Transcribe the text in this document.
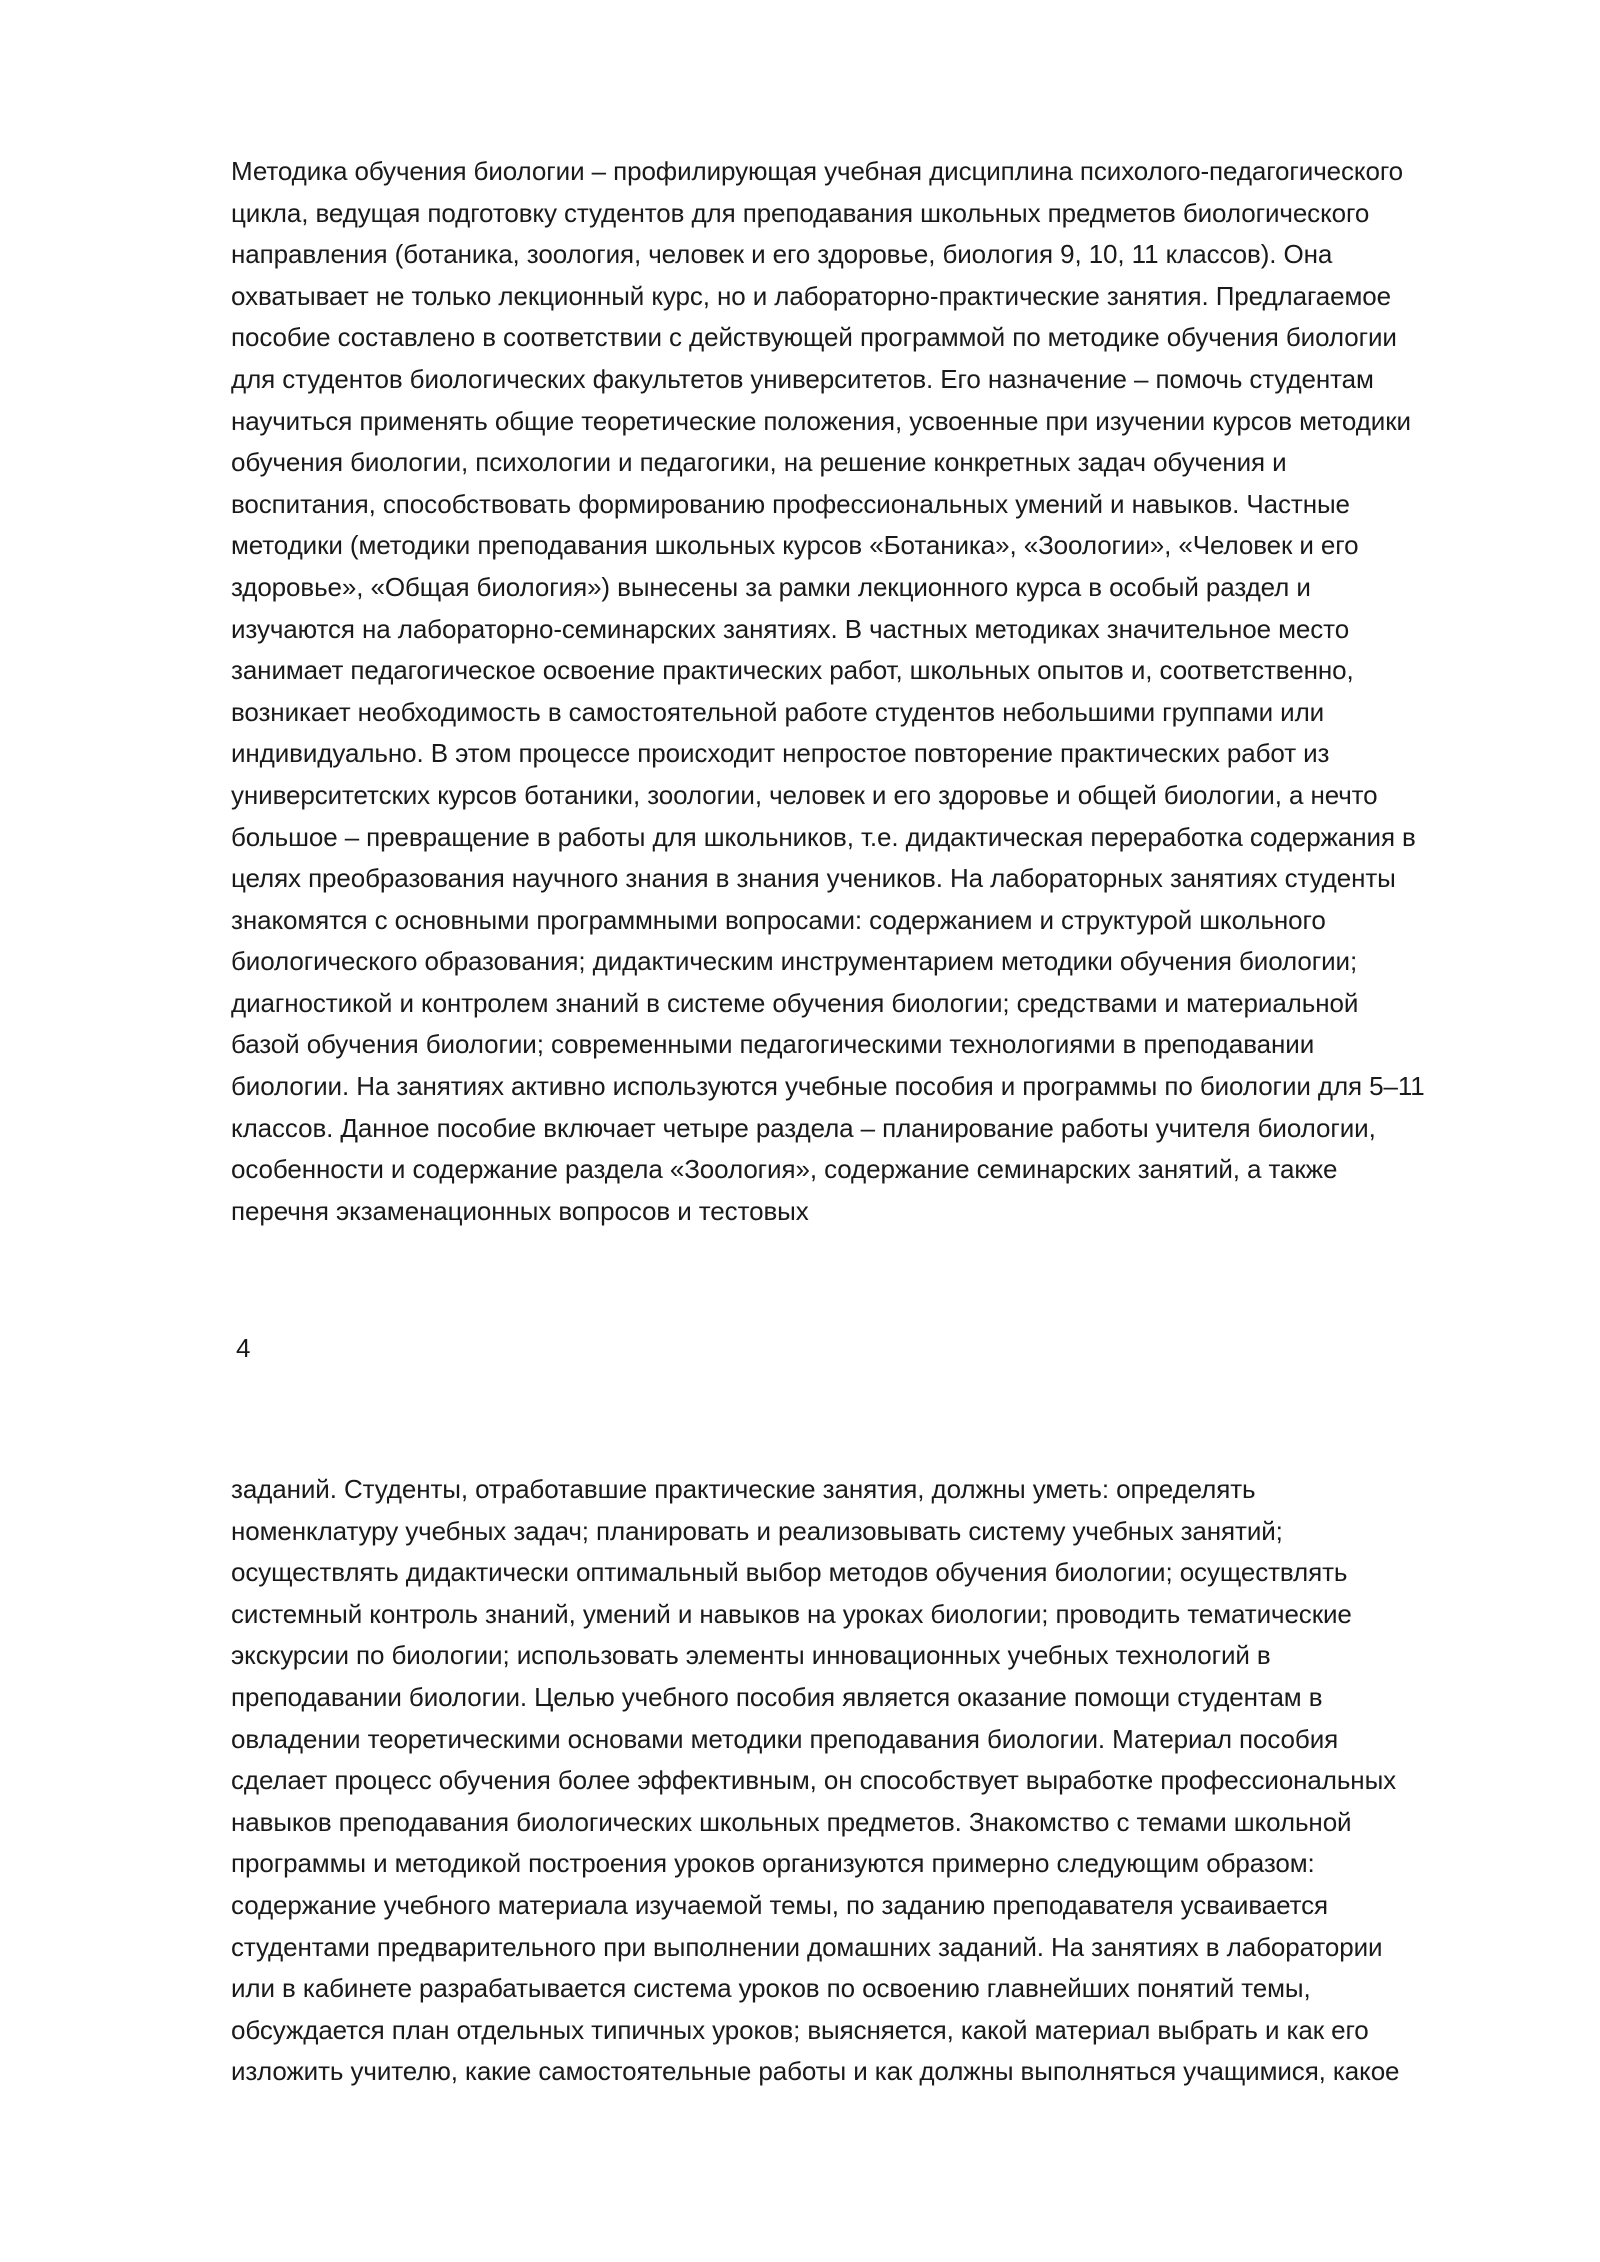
Методика обучения биологии – профилирующая учебная дисциплина психолого-педагогического
цикла, ведущая подготовку студентов для преподавания школьных предметов биологического
направления (ботаника, зоология, человек и его здоровье, биология 9, 10, 11 классов). Она
охватывает не только лекционный курс, но и лабораторно-практические занятия. Предлагаемое
пособие составлено в соответствии с действующей программой по методике обучения биологии
для студентов биологических факультетов университетов. Его назначение – помочь студентам
научиться применять общие теоретические положения, усвоенные при изучении курсов методики
обучения биологии, психологии и педагогики, на решение конкретных задач обучения и
воспитания, способствовать формированию профессиональных умений и навыков. Частные
методики (методики преподавания школьных курсов «Ботаника», «Зоологии», «Человек и его
здоровье», «Общая биология») вынесены за рамки лекционного курса в особый раздел и
изучаются на лабораторно-семинарских занятиях. В частных методиках значительное место
занимает педагогическое освоение практических работ, школьных опытов и, соответственно,
возникает необходимость в самостоятельной работе студентов небольшими группами или
индивидуально. В этом процессе происходит непростое повторение практических работ из
университетских курсов ботаники, зоологии, человек и его здоровье и общей биологии, а нечто
большое – превращение в работы для школьников, т.е. дидактическая переработка содержания в
целях преобразования научного знания в знания учеников. На лабораторных занятиях студенты
знакомятся с основными программными вопросами: содержанием и структурой школьного
биологического образования; дидактическим инструментарием методики обучения биологии;
диагностикой и контролем знаний в системе обучения биологии; средствами и материальной
базой обучения биологии; современными педагогическими технологиями в преподавании
биологии. На занятиях активно используются учебные пособия и программы по биологии для 5–11
классов. Данное пособие включает четыре раздела – планирование работы учителя биологии,
особенности и содержание раздела «Зоология», содержание семинарских занятий, а также
перечня экзаменационных вопросов и тестовых
4
заданий. Студенты, отработавшие практические занятия, должны уметь: определять
номенклатуру учебных задач; планировать и реализовывать систему учебных занятий;
осуществлять дидактически оптимальный выбор методов обучения биологии; осуществлять
системный контроль знаний, умений и навыков на уроках биологии; проводить тематические
экскурсии по биологии; использовать элементы инновационных учебных технологий в
преподавании биологии. Целью учебного пособия является оказание помощи студентам в
овладении теоретическими основами методики преподавания биологии. Материал пособия
сделает процесс обучения более эффективным, он способствует выработке профессиональных
навыков преподавания биологических школьных предметов. Знакомство с темами школьной
программы и методикой построения уроков организуются примерно следующим образом:
содержание учебного материала изучаемой темы, по заданию преподавателя усваивается
студентами предварительного при выполнении домашних заданий. На занятиях в лаборатории
или в кабинете разрабатывается система уроков по освоению главнейших понятий темы,
обсуждается план отдельных типичных уроков; выясняется, какой материал выбрать и как его
изложить учителю, какие самостоятельные работы и как должны выполняться учащимися, какое
